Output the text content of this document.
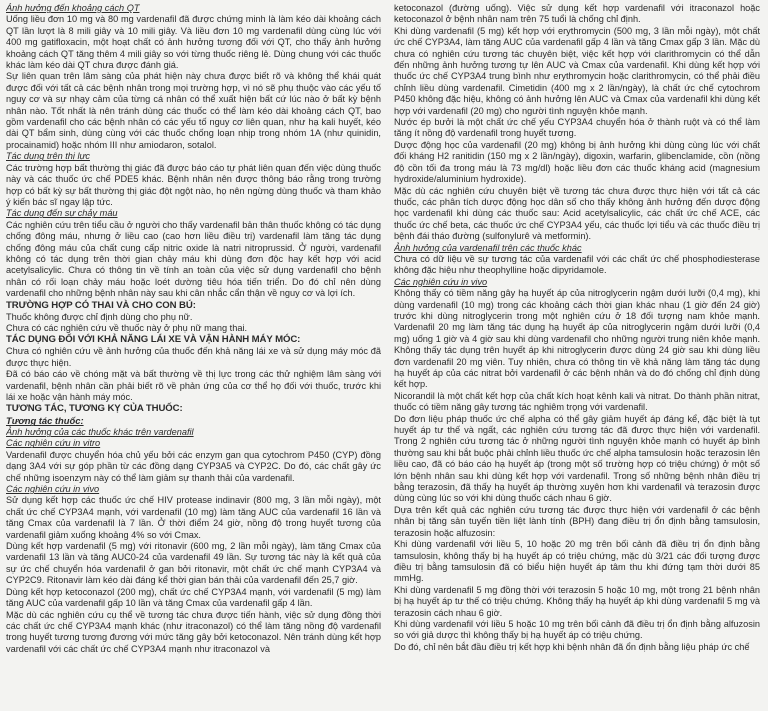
Ảnh hưởng đến khoảng cách QT

Uống liều đơn 10 mg và 80 mg vardenafil đã được chứng minh là làm kéo dài khoảng cách QT lần lượt là 8 mili giây và 10 mili giây. Và liều đơn 10 mg vardenafil dùng cùng lúc với 400 mg gatifloxacin, một hoạt chất có ảnh hưởng tương đối với QT, cho thấy ảnh hưởng khoảng cách QT tăng thêm 4 mili giây so với từng thuốc riêng lẻ. Dùng chung với các thuốc khác làm kéo dài QT chưa được đánh giá.

Sự liên quan trên lâm sàng của phát hiện này chưa được biết rõ và không thể khái quát được đối với tất cả các bệnh nhân trong mọi trường hợp, vì nó sẽ phụ thuộc vào các yếu tố nguy cơ và sự nhạy cảm của từng cá nhân có thể xuất hiện bất cứ lúc nào ở bất kỳ bệnh nhân nào. Tốt nhất là nên tránh dùng các thuốc có thể làm kéo dài khoảng cách QT, bao gồm vardenafil cho các bệnh nhân có các yếu tố nguy cơ liên quan, như hạ kali huyết, kéo dài QT bẩm sinh, dùng cùng với các thuốc chống loạn nhịp trong nhóm 1A (như quinidin, procainamid) hoặc nhóm III như amiodaron, sotalol.

Tác dụng trên thị lực

Các trường hợp bất thường thị giác đã được báo cáo tự phát liên quan đến việc dùng thuốc này và các thuốc ức chế PDE5 khác. Bệnh nhân nên được thông báo rằng trong trường hợp có bất kỳ sự bất thường thị giác đột ngột nào, họ nên ngừng dùng thuốc và tham khảo ý kiến bác sĩ ngay lập tức.

Tác dụng đến sự chảy máu

Các nghiên cứu trên tiểu cầu ở người cho thấy vardenafil bản thân thuốc không có tác dụng chống đông máu, nhưng ở liều cao (cao hơn liều điều trị) vardenafil làm tăng tác dụng chống đông máu của chất cung cấp nitric oxide là natri nitroprussid. Ở người, vardenafil không có tác dụng trên thời gian chảy máu khi dùng đơn độc hay kết hợp với acid acetylsalicylic. Chưa có thông tin về tính an toàn của việc sử dụng vardenafil cho bệnh nhân có rối loạn chảy máu hoặc loét dường tiêu hóa tiến triển. Do đó chỉ nên dùng vardenafil cho những bệnh nhân này sau khi cân nhắc cẩn thận về nguy cơ và lợi ích.

TRƯỜNG HỢP CÓ THAI VÀ CHO CON BÚ:

Thuốc không được chỉ định dùng cho phụ nữ.

Chưa có các nghiên cứu về thuốc này ở phụ nữ mang thai.

TÁC DỤNG ĐỐI VỚI KHẢ NĂNG LÁI XE VÀ VẬN HÀNH MÁY MÓC:

Chưa có nghiên cứu về ảnh hưởng của thuốc đến khả năng lái xe và sử dụng máy móc đã được thực hiện.

Đã có báo cáo về chóng mặt và bất thường về thị lực trong các thử nghiệm lâm sàng với vardenafil, bệnh nhân cần phải biết rõ về phản ứng của cơ thể họ đối với thuốc, trước khi lái xe hoặc vận hành máy móc.

TƯƠNG TÁC, TƯƠNG KỴ CỦA THUỐC:

Tương tác thuốc:

Ảnh hưởng của các thuốc khác trên vardenafil

Các nghiên cứu in vitro

Vardenafil được chuyển hóa chủ yếu bởi các enzym gan qua cytochrom P450 (CYP) đồng dạng 3A4 với sự góp phần từ các đồng dạng CYP3A5 và CYP2C. Do đó, các chất gây ức chế những isoenzym này có thể làm giảm sự thanh thải của vardenafil.

Các nghiên cứu in vivo

Sử dụng kết hợp các thuốc ức chế HIV protease indinavir (800 mg, 3 lần mỗi ngày), một chất ức chế CYP3A4 mạnh, với vardenafil (10 mg) làm tăng AUC của vardenafil 16 lần và tăng Cmax của vardenafil là 7 lần. Ở thời điểm 24 giờ, nồng độ trong huyết tương của vardenafil giảm xuống khoảng 4% so với Cmax.

Dùng kết hợp vardenafil (5 mg) với ritonavir (600 mg, 2 lần mỗi ngày), làm tăng Cmax của vardenafil 13 lần và tăng AUC0-24 của vardenafil 49 lần. Sự tương tác này là kết quả của sự ức chế chuyển hóa vardenafil ở gan bởi ritonavir, một chất ức chế mạnh CYP3A4 và CYP2C9. Ritonavir làm kéo dài đáng kể thời gian bán thải của vardenafil đến 25,7 giờ.

Dùng kết hợp ketoconazol (200 mg), chất ức chế CYP3A4 mạnh, với vardenafil (5 mg) làm tăng AUC của vardenafil gấp 10 lần và tăng Cmax của vardenafil gấp 4 lần.

Mặc dù các nghiên cứu cụ thể về tương tác chưa được tiến hành, việc sử dụng đồng thời các chất ức chế CYP3A4 mạnh khác (như itraconazol) có thể làm tăng nồng độ vardenafil trong huyết tương tương đương với mức tăng gây bởi ketoconazol. Nên tránh dùng kết hợp vardenafil với các chất ức chế CYP3A4 mạnh như itraconazol và

ketoconazol (đường uống). Việc sử dụng kết hợp vardenafil với itraconazol hoặc ketoconazol ở bệnh nhân nam trên 75 tuổi là chống chỉ định.

Khi dùng vardenafil (5 mg) kết hợp với erythromycin (500 mg, 3 lần mỗi ngày), một chất ức chế CYP3A4, làm tăng AUC của vardenafil gấp 4 lần và tăng Cmax gấp 3 lần. Mặc dù chưa có nghiên cứu tương tác chuyên biệt, việc kết hợp với clarithromycin có thể dẫn đến những ảnh hưởng tương tự lên AUC và Cmax của vardenafil. Khi dùng kết hợp với thuốc ức chế CYP3A4 trung bình như erythromycin hoặc clarithromycin, có thể phải điều chỉnh liều dùng vardenafil. Cimetidin (400 mg x 2 lần/ngày), là chất ức chế cytochrom P450 không đặc hiệu, không có ảnh hưởng lên AUC và Cmax của vardenafil khi dùng kết hợp với vardenafil (20 mg) cho người tình nguyện khỏe mạnh.

Nước ép bưởi là một chất ức chế yếu CYP3A4 chuyển hóa ở thành ruột và có thể làm tăng ít nồng độ vardenafil trong huyết tương.

Dược động học của vardenafil (20 mg) không bị ảnh hưởng khi dùng cùng lúc với chất đối kháng H2 ranitidin (150 mg x 2 lần/ngày), digoxin, warfarin, glibenclamide, cồn (nồng độ cồn tối đa trong máu là 73 mg/dl) hoặc liều đơn các thuốc kháng acid (magnesium hydroxide/aluminium hydroxide).

Mặc dù các nghiên cứu chuyên biệt về tương tác chưa được thực hiện với tất cả các thuốc, các phân tích dược động học dân số cho thấy không ảnh hưởng đến dược động học vardenafil khi dùng các thuốc sau: Acid acetylsalicylic, các chất ức chế ACE, các thuốc ức chế beta, các thuốc ức chế CYP3A4 yếu, các thuốc lợi tiểu và các thuốc điều trị bệnh đái tháo đường (sulfonylurê và metformin).

Ảnh hưởng của vardenafil trên các thuốc khác

Chưa có dữ liệu về sự tương tác của vardenafil với các chất ức chế phosphodiesterase không đặc hiệu như theophylline hoặc dipyridamole.

Các nghiên cứu in vivo

Không thấy có tiềm năng gây hạ huyết áp của nitroglycerin ngậm dưới lưỡi (0,4 mg), khi dùng vardenafil (10 mg) trong các khoảng cách thời gian khác nhau (1 giờ đến 24 giờ) trước khi dùng nitroglycerin trong một nghiên cứu ở 18 đối tượng nam khỏe mạnh. Vardenafil 20 mg làm tăng tác dụng hạ huyết áp của nitroglycerin ngậm dưới lưỡi (0,4 mg) uống 1 giờ và 4 giờ sau khi dùng vardenafil cho những người trung niên khỏe mạnh. Không thấy tác dụng trên huyết áp khi nitroglycerin được dùng 24 giờ sau khi dùng liều đơn vardenafil 20 mg viên. Tuy nhiên, chưa có thông tin về khả năng làm tăng tác dụng hạ huyết áp của các nitrat bởi vardenafil ở các bệnh nhân và do đó chống chỉ định dùng kết hợp.

Nicorandil là một chất kết hợp của chất kích hoạt kênh kali và nitrat. Do thành phần nitrat, thuốc có tiềm năng gây tương tác nghiêm trọng với vardenafil.

Do đơn liệu pháp thuốc ức chế alpha có thể gây giảm huyết áp đáng kể, đặc biệt là tụt huyết áp tư thế và ngất, các nghiên cứu tương tác đã được thực hiện với vardenafil. Trong 2 nghiên cứu tương tác ở những người tình nguyện khỏe mạnh có huyết áp bình thường sau khi bắt buộc phải chỉnh liều thuốc ức chế alpha tamsulosin hoặc terazosin lên liều cao, đã có báo cáo hạ huyết áp (trong một số trường hợp có triệu chứng) ở một số lớn bệnh nhân sau khi dùng kết hợp với vardenafil. Trong số những bệnh nhân điều trị bằng terazosin, đã thấy hạ huyết áp thường xuyên hơn khi vardenafil và terazosin được dùng cùng lúc so với khi dùng thuốc cách nhau 6 giờ.

Dựa trên kết quả các nghiên cứu tương tác được thực hiện với vardenafil ở các bệnh nhân bị tăng sản tuyến tiền liệt lành tính (BPH) đang điều trị ổn định bằng tamsulosin, terazosin hoặc alfuzosin:

Khi dùng vardenafil với liều 5, 10 hoặc 20 mg trên bối cảnh đã điều trị ổn định bằng tamsulosin, không thấy bị hạ huyết áp có triệu chứng, mặc dù 3/21 các đối tượng được điều trị bằng tamsulosin đã có biểu hiện huyết áp tâm thu khi đứng tạm thời dưới 85 mmHg.

Khi dùng vardenafil 5 mg đồng thời với terazosin 5 hoặc 10 mg, một trong 21 bệnh nhân bị hạ huyết áp tư thế có triệu chứng. Không thấy hạ huyết áp khi dùng vardenafil 5 mg và terazosin cách nhau 6 giờ.

Khi dùng vardenafil với liều 5 hoặc 10 mg trên bối cảnh đã điều trị ổn định bằng alfuzosin so với giả dược thì không thấy bị hạ huyết áp có triệu chứng.

Do đó, chỉ nên bắt đầu điều trị kết hợp khi bệnh nhân đã ổn định bằng liệu pháp ức chế
